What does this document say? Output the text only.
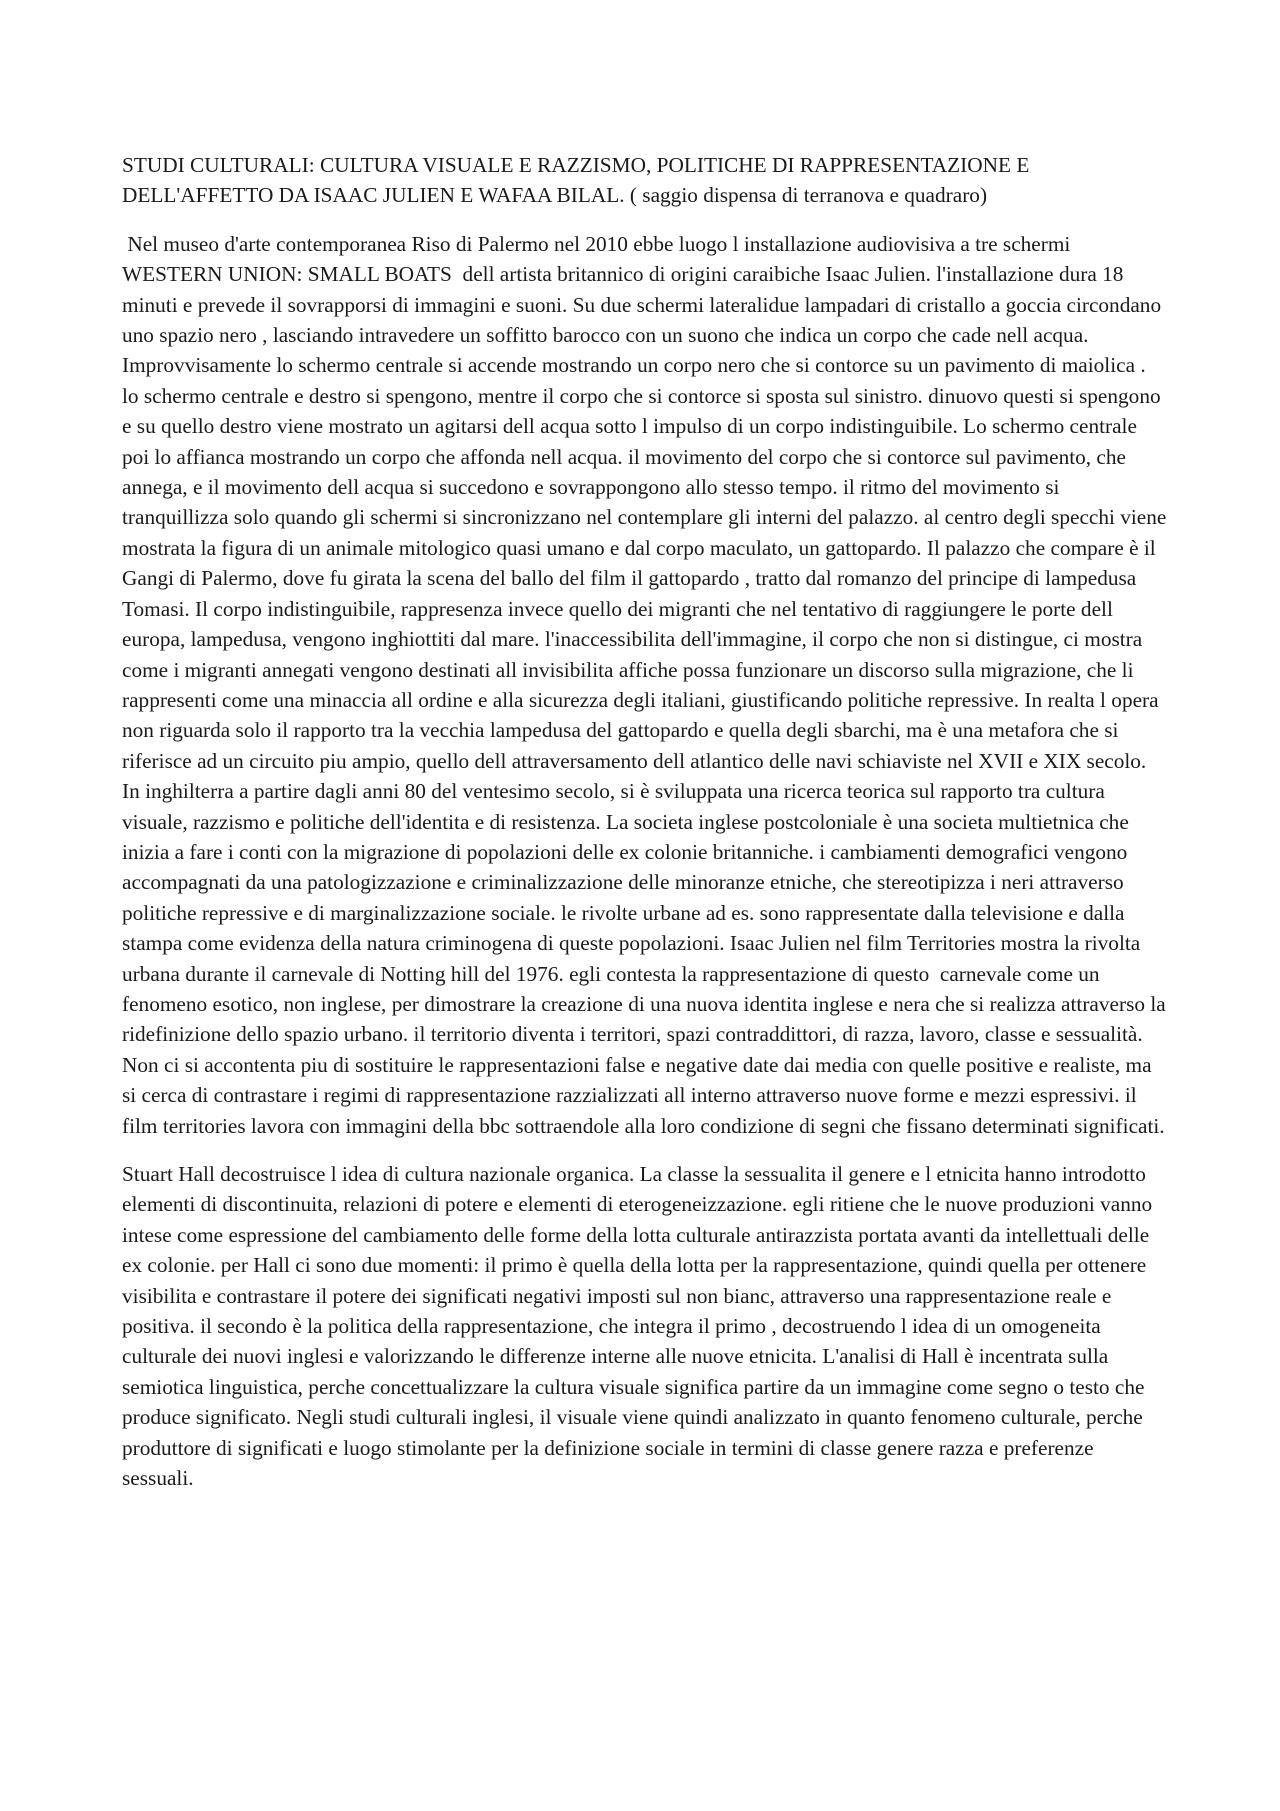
STUDI CULTURALI: CULTURA VISUALE E RAZZISMO, POLITICHE DI RAPPRESENTAZIONE E DELL'AFFETTO DA ISAAC JULIEN E WAFAA BILAL. ( saggio dispensa di terranova e quadraro)

Nel museo d'arte contemporanea Riso di Palermo nel 2010 ebbe luogo l installazione audiovisiva a tre schermi WESTERN UNION: SMALL BOATS  dell artista britannico di origini caraibiche Isaac Julien. l'installazione dura 18 minuti e prevede il sovrapporsi di immagini e suoni. Su due schermi lateralidue lampadari di cristallo a goccia circondano uno spazio nero , lasciando intravedere un soffitto barocco con un suono che indica un corpo che cade nell acqua. Improvvisamente lo schermo centrale si accende mostrando un corpo nero che si contorce su un pavimento di maiolica . lo schermo centrale e destro si spengono, mentre il corpo che si contorce si sposta sul sinistro. dinuovo questi si spengono e su quello destro viene mostrato un agitarsi dell acqua sotto l impulso di un corpo indistinguibile. Lo schermo centrale poi lo affianca mostrando un corpo che affonda nell acqua. il movimento del corpo che si contorce sul pavimento, che annega, e il movimento dell acqua si succedono e sovrappongono allo stesso tempo. il ritmo del movimento si tranquillizza solo quando gli schermi si sincronizzano nel contemplare gli interni del palazzo. al centro degli specchi viene mostrata la figura di un animale mitologico quasi umano e dal corpo maculato, un gattopardo. Il palazzo che compare è il Gangi di Palermo, dove fu girata la scena del ballo del film il gattopardo , tratto dal romanzo del principe di lampedusa Tomasi. Il corpo indistinguibile, rappresenza invece quello dei migranti che nel tentativo di raggiungere le porte dell europa, lampedusa, vengono inghiottiti dal mare. l'inaccessibilita dell'immagine, il corpo che non si distingue, ci mostra come i migranti annegati vengono destinati all invisibilita affiche possa funzionare un discorso sulla migrazione, che li rappresenti come una minaccia all ordine e alla sicurezza degli italiani, giustificando politiche repressive. In realta l opera non riguarda solo il rapporto tra la vecchia lampedusa del gattopardo e quella degli sbarchi, ma è una metafora che si riferisce ad un circuito piu ampio, quello dell attraversamento dell atlantico delle navi schiaviste nel XVII e XIX secolo. In inghilterra a partire dagli anni 80 del ventesimo secolo, si è sviluppata una ricerca teorica sul rapporto tra cultura visuale, razzismo e politiche dell'identita e di resistenza. La societa inglese postcoloniale è una societa multietnica che inizia a fare i conti con la migrazione di popolazioni delle ex colonie britanniche. i cambiamenti demografici vengono accompagnati da una patologizzazione e criminalizzazione delle minoranze etniche, che stereotipizza i neri attraverso politiche repressive e di marginalizzazione sociale. le rivolte urbane ad es. sono rappresentate dalla televisione e dalla stampa come evidenza della natura criminogena di queste popolazioni. Isaac Julien nel film Territories mostra la rivolta urbana durante il carnevale di Notting hill del 1976. egli contesta la rappresentazione di questo  carnevale come un fenomeno esotico, non inglese, per dimostrare la creazione di una nuova identita inglese e nera che si realizza attraverso la ridefinizione dello spazio urbano. il territorio diventa i territori, spazi contraddittori, di razza, lavoro, classe e sessualità. Non ci si accontenta piu di sostituire le rappresentazioni false e negative date dai media con quelle positive e realiste, ma si cerca di contrastare i regimi di rappresentazione razzializzati all interno attraverso nuove forme e mezzi espressivi. il film territories lavora con immagini della bbc sottraendole alla loro condizione di segni che fissano determinati significati.

Stuart Hall decostruisce l idea di cultura nazionale organica. La classe la sessualita il genere e l etnicita hanno introdotto elementi di discontinuita, relazioni di potere e elementi di eterogeneizzazione. egli ritiene che le nuove produzioni vanno intese come espressione del cambiamento delle forme della lotta culturale antirazzista portata avanti da intellettuali delle ex colonie. per Hall ci sono due momenti: il primo è quella della lotta per la rappresentazione, quindi quella per ottenere visibilita e contrastare il potere dei significati negativi imposti sul non bianc, attraverso una rappresentazione reale e positiva. il secondo è la politica della rappresentazione, che integra il primo , decostruendo l idea di un omogeneita culturale dei nuovi inglesi e valorizzando le differenze interne alle nuove etnicita. L'analisi di Hall è incentrata sulla semiotica linguistica, perche concettualizzare la cultura visuale significa partire da un immagine come segno o testo che produce significato. Negli studi culturali inglesi, il visuale viene quindi analizzato in quanto fenomeno culturale, perche produttore di significati e luogo stimolante per la definizione sociale in termini di classe genere razza e preferenze sessuali.
